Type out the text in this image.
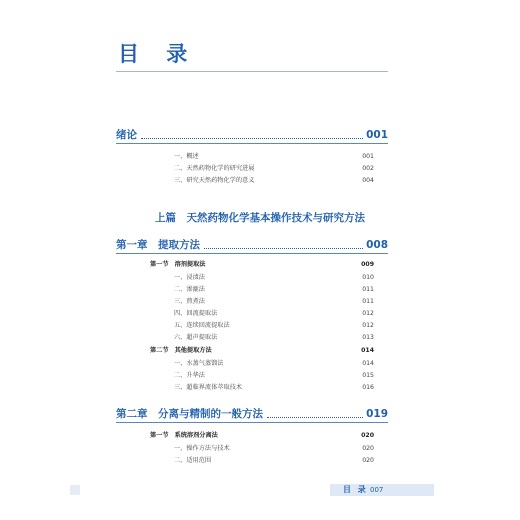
目 录
绪论	001
一、概述	001
二、天然药物化学的研究进展	002
三、研究天然药物化学的意义	004
上篇　天然药物化学基本操作技术与研究方法
第一章　提取方法	008
第一节 溶剂提取法	009
一、浸渍法	010
二、渗漉法	011
三、煎煮法	011
四、回流提取法	012
五、连续回流提取法	012
六、超声提取法	013
第二节 其他提取方法	014
一、水蒸气蒸馏法	014
二、升华法	015
三、超临界流体萃取技术	016
第二章　分离与精制的一般方法	019
第一节 系统溶剂分离法	020
一、操作方法与技术	020
二、适用范围	020
目 录 007
